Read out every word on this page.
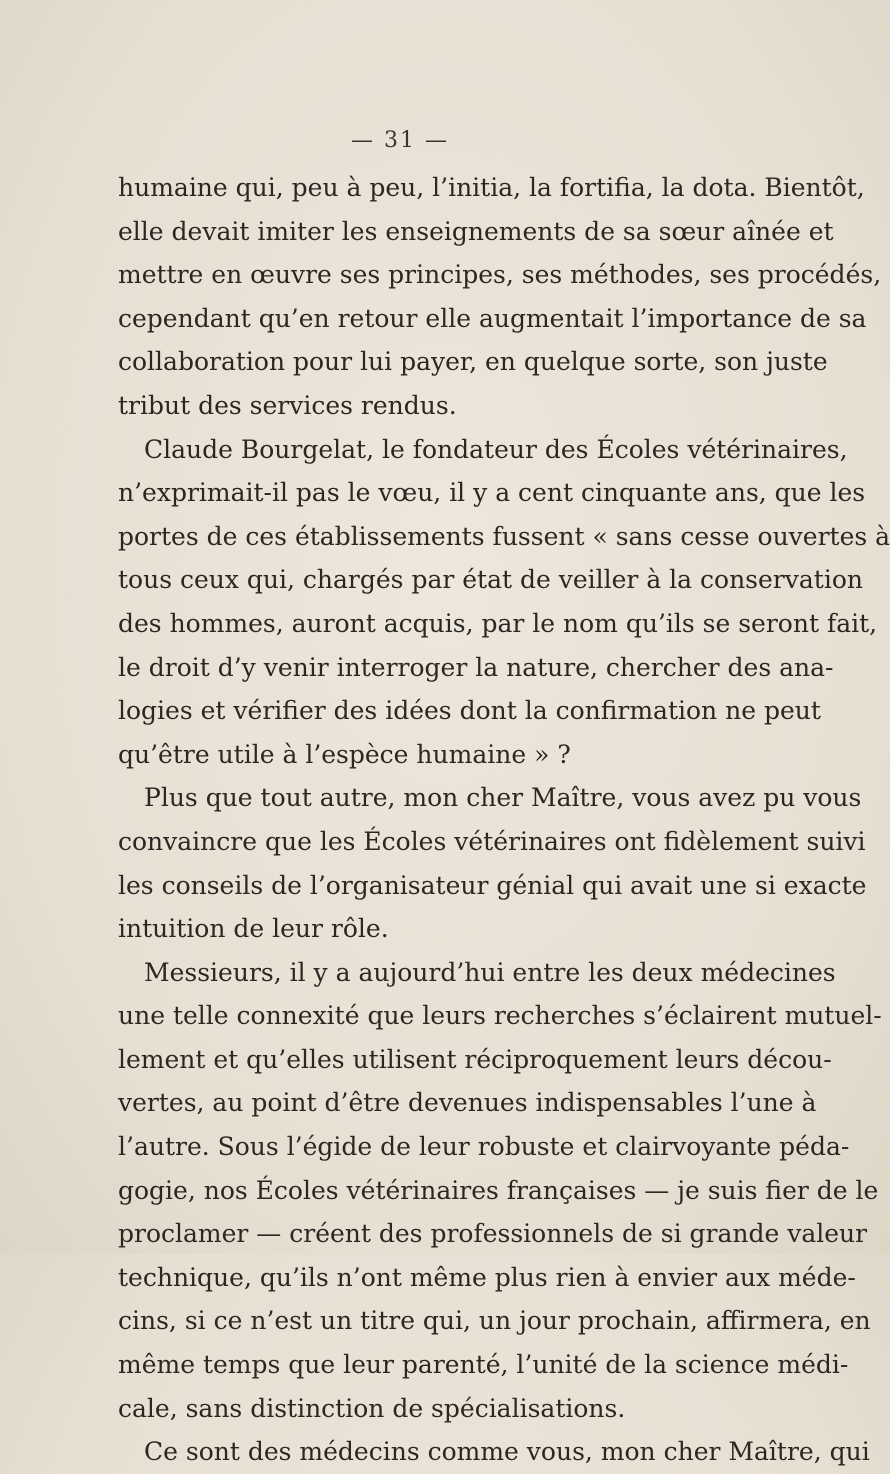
— 31 —
humaine qui, peu à peu, l’initia, la fortifia, la dota. Bientôt,
elle devait imiter les enseignements de sa sœur aînée et
mettre en œuvre ses principes, ses méthodes, ses procédés,
cependant qu’en retour elle augmentait l’importance de sa
collaboration pour lui payer, en quelque sorte, son juste
tribut des services rendus.
Claude Bourgelat, le fondateur des Écoles vétérinaires,
n’exprimait-il pas le vœu, il y a cent cinquante ans, que les
portes de ces établissements fussent « sans cesse ouvertes à
tous ceux qui, chargés par état de veiller à la conservation
des hommes, auront acquis, par le nom qu’ils se seront fait,
le droit d’y venir interroger la nature, chercher des ana-
logies et vérifier des idées dont la confirmation ne peut
qu’être utile à l’espèce humaine » ?
Plus que tout autre, mon cher Maître, vous avez pu vous
convaincre que les Écoles vétérinaires ont fidèlement suivi
les conseils de l’organisateur génial qui avait une si exacte
intuition de leur rôle.
Messieurs, il y a aujourd’hui entre les deux médecines
une telle connexité que leurs recherches s’éclairent mutuel-
lement et qu’elles utilisent réciproquement leurs décou-
vertes, au point d’être devenues indispensables l’une à
l’autre. Sous l’égide de leur robuste et clairvoyante péda-
gogie, nos Écoles vétérinaires françaises — je suis fier de le
proclamer — créent des professionnels de si grande valeur
technique, qu’ils n’ont même plus rien à envier aux méde-
cins, si ce n’est un titre qui, un jour prochain, affirmera, en
même temps que leur parenté, l’unité de la science médi-
cale, sans distinction de spécialisations.
Ce sont des médecins comme vous, mon cher Maître, qui
